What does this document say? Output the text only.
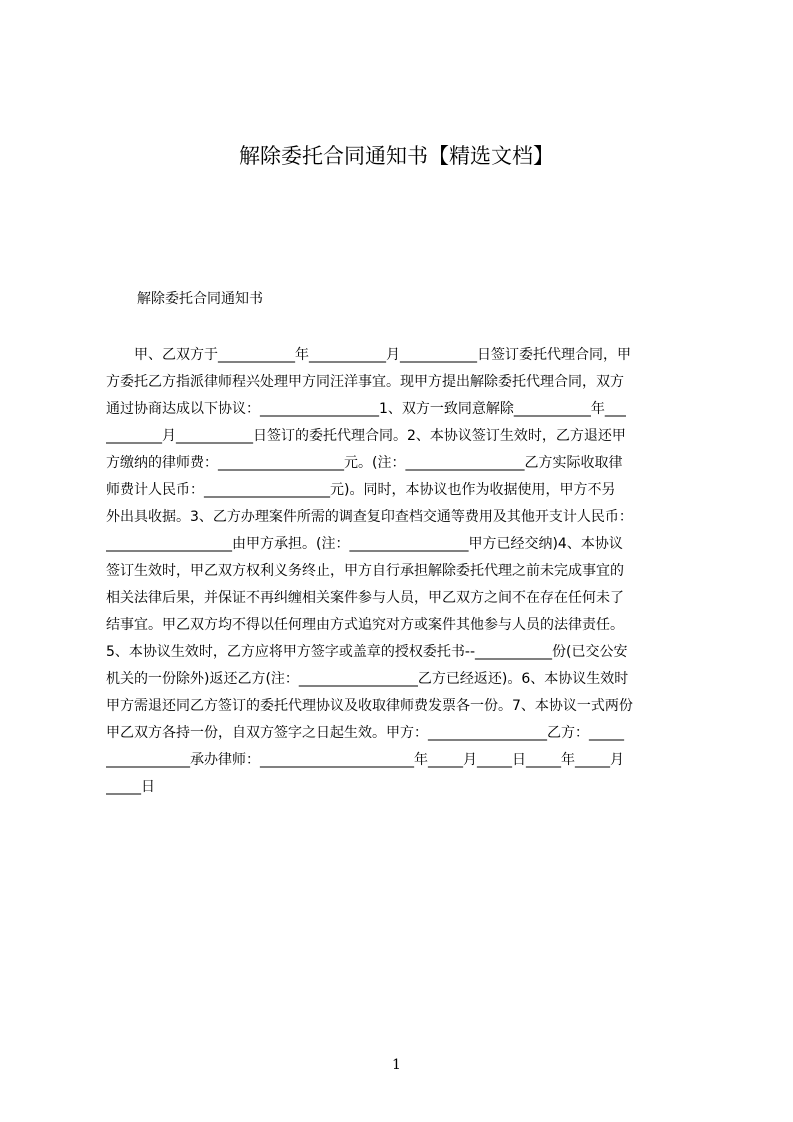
解除委托合同通知书【精选文档】

解除委托合同通知书

　　甲、乙双方于___________年___________月___________日签订委托代理合同，甲
方委托乙方指派律师程兴处理甲方同汪洋事宜。现甲方提出解除委托代理合同，双方
通过协商达成以下协议：_________________1、双方一致同意解除___________年___
________月___________日签订的委托代理合同。2、本协议签订生效时，乙方退还甲
方缴纳的律师费：__________________元。(注：_________________乙方实际收取律
师费计人民币：__________________元)。同时，本协议也作为收据使用，甲方不另
外出具收据。3、乙方办理案件所需的调查复印查档交通等费用及其他开支计人民币：
__________________由甲方承担。(注：_________________甲方已经交纳)4、本协议
签订生效时，甲乙双方权利义务终止，甲方自行承担解除委托代理之前未完成事宜的
相关法律后果，并保证不再纠缠相关案件参与人员，甲乙双方之间不在存在任何未了
结事宜。甲乙双方均不得以任何理由方式追究对方或案件其他参与人员的法律责任。
5、本协议生效时，乙方应将甲方签字或盖章的授权委托书--___________份(已交公安
机关的一份除外)返还乙方(注：_________________乙方已经返还)。6、本协议生效时
甲方需退还同乙方签订的委托代理协议及收取律师费发票各一份。7、本协议一式两份
甲乙双方各持一份，自双方签字之日起生效。甲方：_________________乙方：_____
____________承办律师：______________________年_____月_____日_____年_____月
_____日
1
